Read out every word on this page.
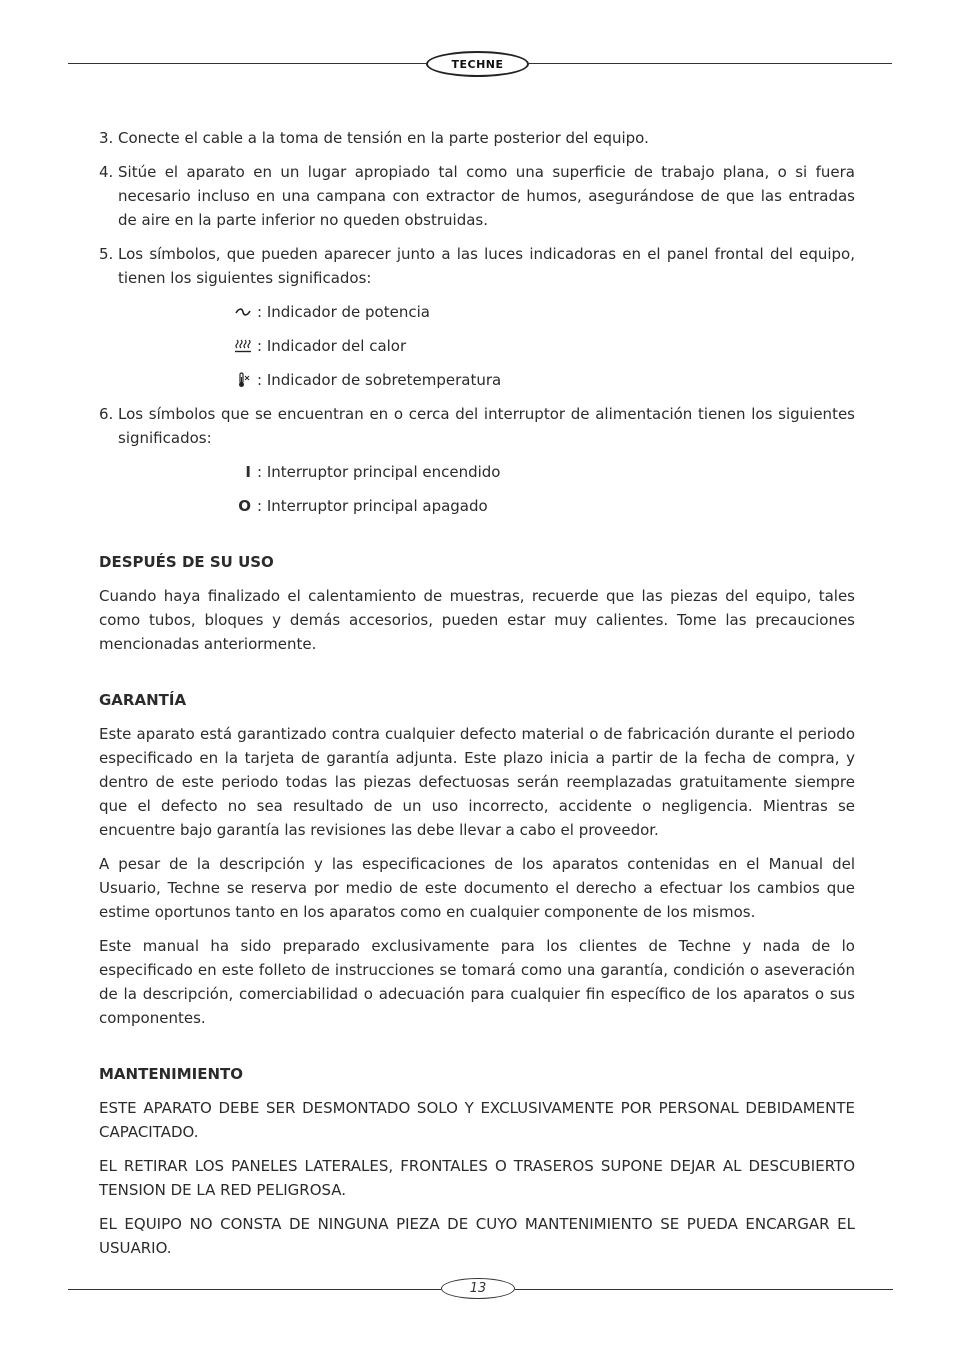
TECHNE
3. Conecte el cable a la toma de tensión en la parte posterior del equipo.
4. Sitúe el aparato en un lugar apropiado tal como una superficie de trabajo plana, o si fuera necesario incluso en una campana con extractor de humos, asegurándose de que las entradas de aire en la parte inferior no queden obstruidas.
5. Los símbolos, que pueden aparecer junto a las luces indicadoras en el panel frontal del equipo, tienen los siguientes significados:
: Indicador de potencia
: Indicador del calor
: Indicador de sobretemperatura
6. Los símbolos que se encuentran en o cerca del interruptor de alimentación tienen los siguientes significados:
I : Interruptor principal encendido
O : Interruptor principal apagado
DESPUÉS DE SU USO
Cuando haya finalizado el calentamiento de muestras, recuerde que las piezas del equipo, tales como tubos, bloques y demás accesorios, pueden estar muy calientes. Tome las precauciones mencionadas anteriormente.
GARANTÍA
Este aparato está garantizado contra cualquier defecto material o de fabricación durante el periodo especificado en la tarjeta de garantía adjunta. Este plazo inicia a partir de la fecha de compra, y dentro de este periodo todas las piezas defectuosas serán reemplazadas gratuitamente siempre que el defecto no sea resultado de un uso incorrecto, accidente o negligencia. Mientras se encuentre bajo garantía las revisiones las debe llevar a cabo el proveedor.
A pesar de la descripción y las especificaciones de los aparatos contenidas en el Manual del Usuario, Techne se reserva por medio de este documento el derecho a efectuar los cambios que estime oportunos tanto en los aparatos como en cualquier componente de los mismos.
Este manual ha sido preparado exclusivamente para los clientes de Techne y nada de lo especificado en este folleto de instrucciones se tomará como una garantía, condición o aseveración de la descripción, comerciabilidad o adecuación para cualquier fin específico de los aparatos o sus componentes.
MANTENIMIENTO
ESTE APARATO DEBE SER DESMONTADO SOLO Y EXCLUSIVAMENTE POR PERSONAL DEBIDAMENTE CAPACITADO.
EL RETIRAR LOS PANELES LATERALES, FRONTALES O TRASEROS SUPONE DEJAR AL DESCUBIERTO TENSION DE LA RED PELIGROSA.
EL EQUIPO NO CONSTA DE NINGUNA PIEZA DE CUYO MANTENIMIENTO SE PUEDA ENCARGAR EL USUARIO.
13
